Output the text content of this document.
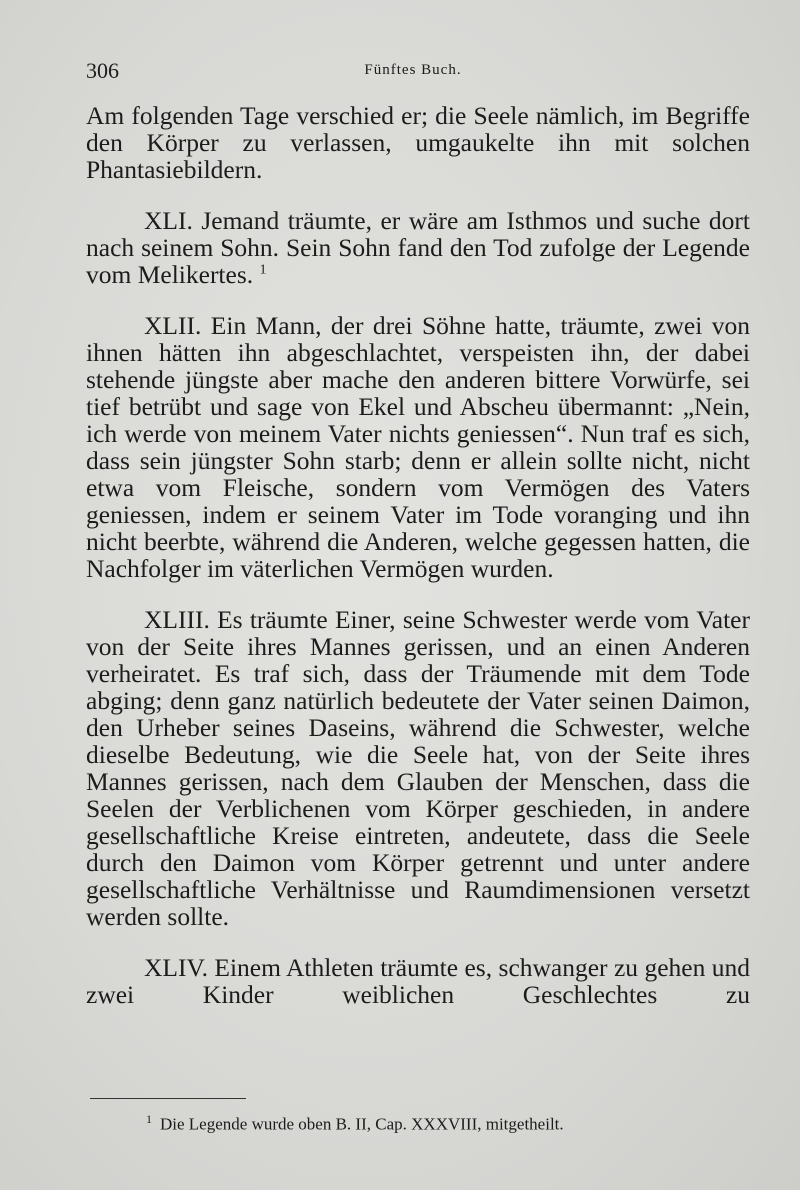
306	Fünftes Buch.

Am folgenden Tage verschied er; die Seele nämlich, im Begriffe den Körper zu verlassen, umgaukelte ihn mit solchen Phantasiebildern.

XLI. Jemand träumte, er wäre am Isthmos und suche dort nach seinem Sohn. Sein Sohn fand den Tod zufolge der Legende vom Melikertes. $^1$

XLII. Ein Mann, der drei Söhne hatte, träumte, zwei von ihnen hätten ihn abgeschlachtet, verspeisten ihn, der dabei stehende jüngste aber mache den anderen bittere Vorwürfe, sei tief betrübt und sage von Ekel und Abscheu übermannt: „Nein, ich werde von meinem Vater nichts geniessen“. Nun traf es sich, dass sein jüngster Sohn starb; denn er allein sollte nicht, nicht etwa vom Fleische, sondern vom Vermögen des Vaters geniessen, indem er seinem Vater im Tode voranging und ihn nicht beerbte, während die Anderen, welche gegessen hatten, die Nachfolger im väterlichen Vermögen wurden.

XLIII. Es träumte Einer, seine Schwester werde vom Vater von der Seite ihres Mannes gerissen, und an einen Anderen verheiratet. Es traf sich, dass der Träumende mit dem Tode abging; denn ganz natürlich bedeutete der Vater seinen Daimon, den Urheber seines Daseins, während die Schwester, welche dieselbe Bedeutung, wie die Seele hat, von der Seite ihres Mannes gerissen, nach dem Glauben der Menschen, dass die Seelen der Verblichenen vom Körper geschieden, in andere gesellschaftliche Kreise eintreten, andeutete, dass die Seele durch den Daimon vom Körper getrennt und unter andere gesellschaftliche Verhältnisse und Raumdimensionen versetzt werden sollte.

XLIV. Einem Athleten träumte es, schwanger zu gehen und zwei Kinder weiblichen Geschlechtes zu

$^1$ Die Legende wurde oben B. II, Cap. XXXVIII, mitgetheilt.
